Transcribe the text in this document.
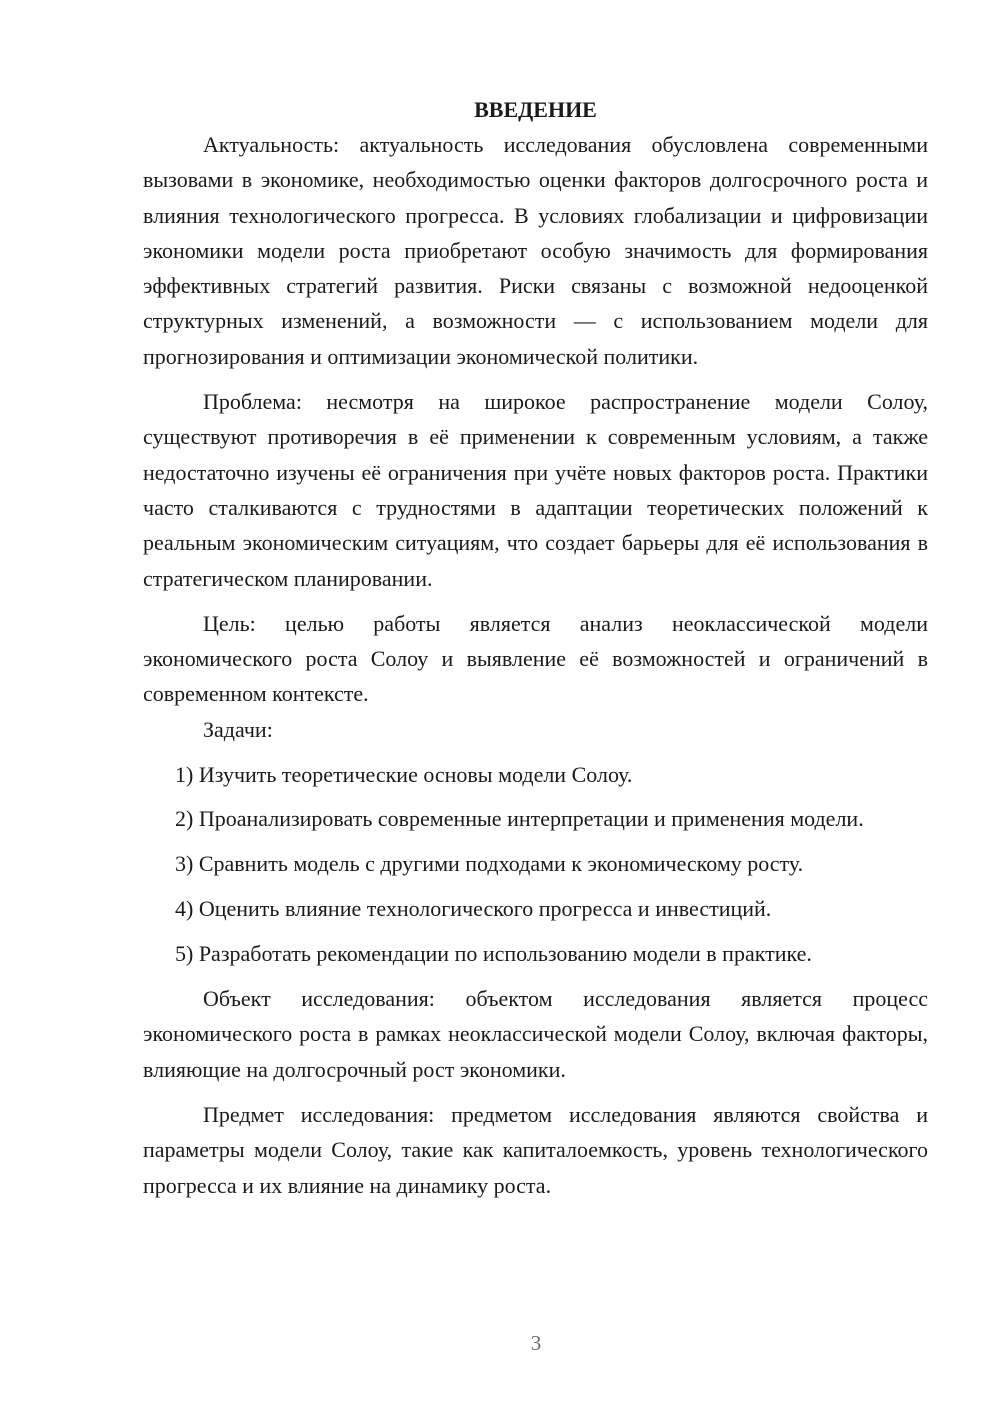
ВВЕДЕНИЕ

Актуальность: актуальность исследования обусловлена современными вызовами в экономике, необходимостью оценки факторов долгосрочного роста и влияния технологического прогресса. В условиях глобализации и цифровизации экономики модели роста приобретают особую значимость для формирования эффективных стратегий развития. Риски связаны с возможной недооценкой структурных изменений, а возможности — с использованием модели для прогнозирования и оптимизации экономической политики.

Проблема: несмотря на широкое распространение модели Солоу, существуют противоречия в её применении к современным условиям, а также недостаточно изучены её ограничения при учёте новых факторов роста. Практики часто сталкиваются с трудностями в адаптации теоретических положений к реальным экономическим ситуациям, что создает барьеры для её использования в стратегическом планировании.

Цель: целью работы является анализ неоклассической модели экономического роста Солоу и выявление её возможностей и ограничений в современном контексте.

Задачи:

1) Изучить теоретические основы модели Солоу.

2) Проанализировать современные интерпретации и применения модели.

3) Сравнить модель с другими подходами к экономическому росту.

4) Оценить влияние технологического прогресса и инвестиций.

5) Разработать рекомендации по использованию модели в практике.

Объект исследования: объектом исследования является процесс экономического роста в рамках неоклассической модели Солоу, включая факторы, влияющие на долгосрочный рост экономики.

Предмет исследования: предметом исследования являются свойства и параметры модели Солоу, такие как капиталоемкость, уровень технологического прогресса и их влияние на динамику роста.

3
